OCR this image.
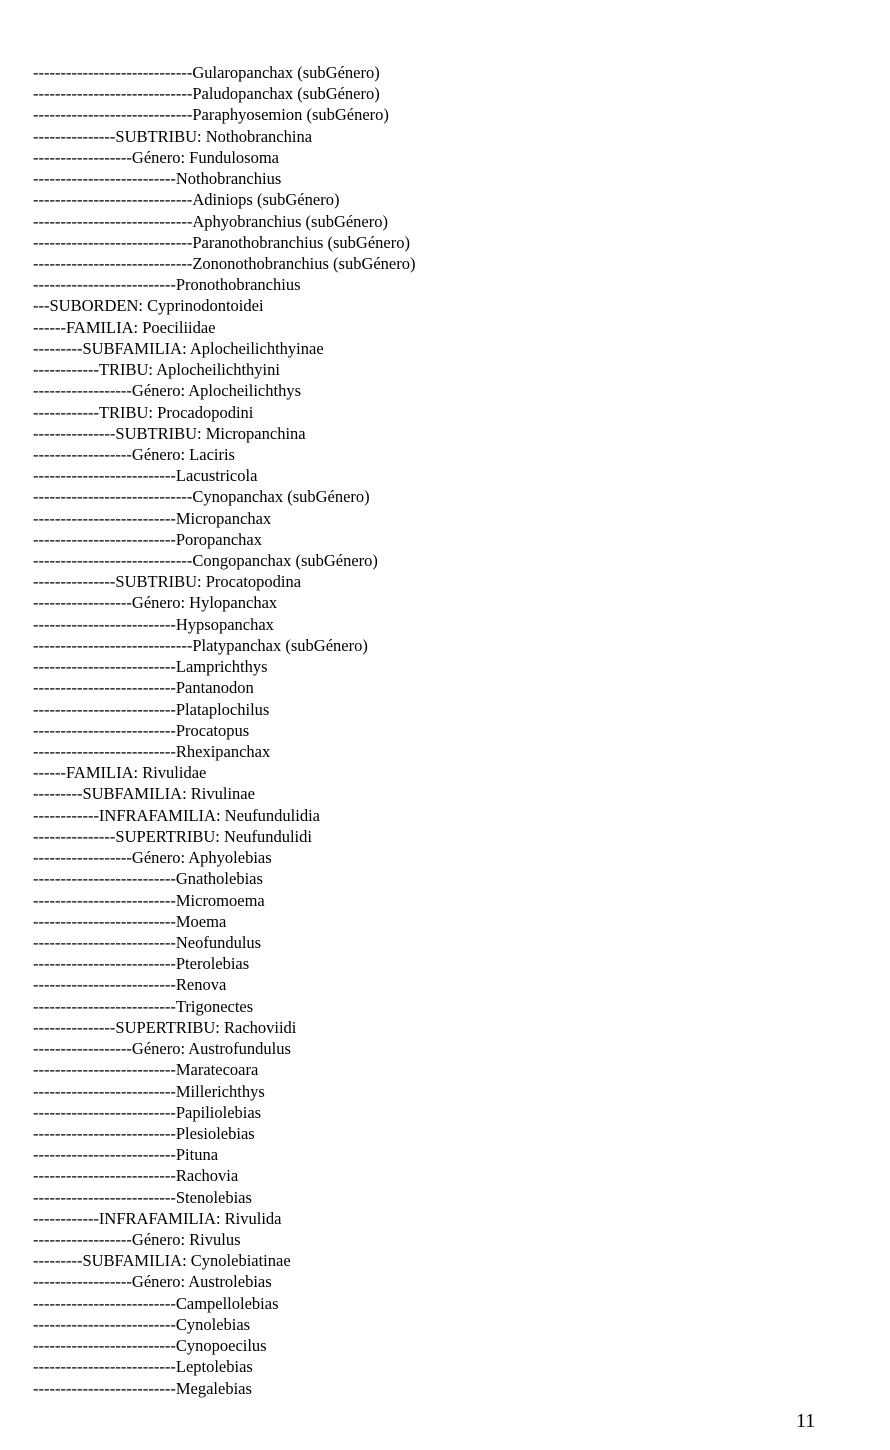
-----------------------------Gularopanchax (subGénero)
-----------------------------Paludopanchax (subGénero)
-----------------------------Paraphyosemion (subGénero)
---------------SUBTRIBU: Nothobranchina
------------------Género: Fundulosoma
--------------------------Nothobranchius
-----------------------------Adiniops (subGénero)
-----------------------------Aphyobranchius (subGénero)
-----------------------------Paranothobranchius (subGénero)
-----------------------------Zononothobranchius (subGénero)
--------------------------Pronothobranchius
---SUBORDEN: Cyprinodontoidei
------FAMILIA: Poeciliidae
---------SUBFAMILIA: Aplocheilichthyinae
------------TRIBU: Aplocheilichthyini
------------------Género: Aplocheilichthys
------------TRIBU: Procadopodini
---------------SUBTRIBU: Micropanchina
------------------Género: Laciris
--------------------------Lacustricola
-----------------------------Cynopanchax (subGénero)
--------------------------Micropanchax
--------------------------Poropanchax
-----------------------------Congopanchax (subGénero)
---------------SUBTRIBU: Procatopodina
------------------Género: Hylopanchax
--------------------------Hypsopanchax
-----------------------------Platypanchax (subGénero)
--------------------------Lamprichthys
--------------------------Pantanodon
--------------------------Plataplochilus
--------------------------Procatopus
--------------------------Rhexipanchax
------FAMILIA: Rivulidae
---------SUBFAMILIA: Rivulinae
------------INFRAFAMILIA: Neufundulidia
---------------SUPERTRIBU: Neufundulidi
------------------Género: Aphyolebias
--------------------------Gnatholebias
--------------------------Micromoema
--------------------------Moema
--------------------------Neofundulus
--------------------------Pterolebias
--------------------------Renova
--------------------------Trigonectes
---------------SUPERTRIBU: Rachoviidi
------------------Género: Austrofundulus
--------------------------Maratecoara
--------------------------Millerichthys
--------------------------Papiliolebias
--------------------------Plesiolebias
--------------------------Pituna
--------------------------Rachovia
--------------------------Stenolebias
------------INFRAFAMILIA: Rivulida
------------------Género: Rivulus
---------SUBFAMILIA: Cynolebiatinae
------------------Género: Austrolebias
--------------------------Campellolebias
--------------------------Cynolebias
--------------------------Cynopoecilus
--------------------------Leptolebias
--------------------------Megalebias
11
